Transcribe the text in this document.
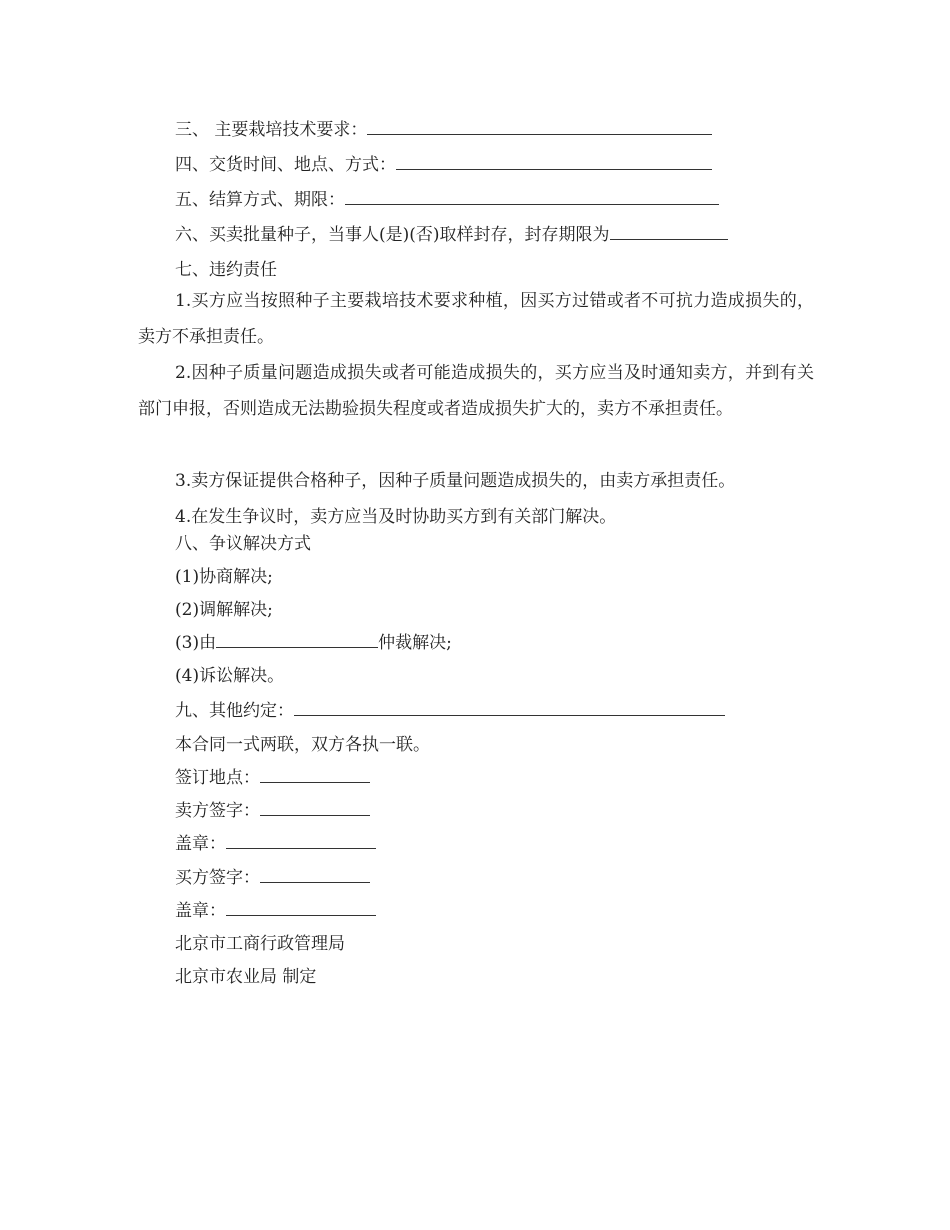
三、 主要栽培技术要求：
四、交货时间、地点、方式：
五、结算方式、期限：
六、买卖批量种子，当事人(是)(否)取样封存，封存期限为
七、违约责任
1.买方应当按照种子主要栽培技术要求种植，因买方过错或者不可抗力造成损失的，卖方不承担责任。
2.因种子质量问题造成损失或者可能造成损失的，买方应当及时通知卖方，并到有关部门申报，否则造成无法勘验损失程度或者造成损失扩大的，卖方不承担责任。
3.卖方保证提供合格种子，因种子质量问题造成损失的，由卖方承担责任。
4.在发生争议时，卖方应当及时协助买方到有关部门解决。
八、争议解决方式
(1)协商解决;
(2)调解解决;
(3)由	仲裁解决;
(4)诉讼解决。
九、其他约定：
本合同一式两联，双方各执一联。
签订地点：
卖方签字：
盖章：
买方签字：
盖章：
北京市工商行政管理局
北京市农业局 制定
